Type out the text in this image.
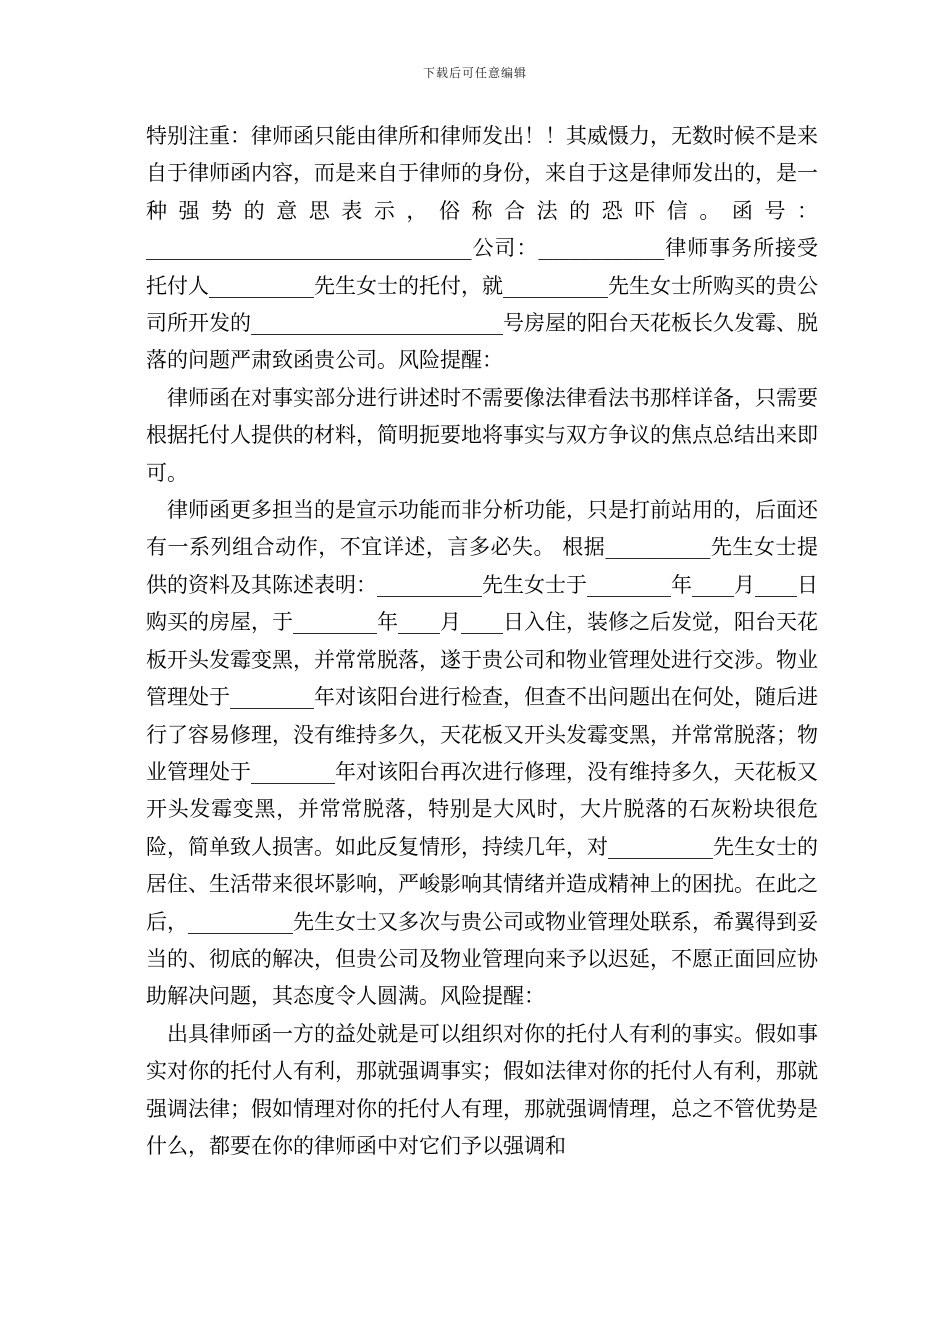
下载后可任意编辑

特别注重：律师函只能由律所和律师发出！！其威慑力，无数时候不是来自于律师函内容，而是来自于律师的身份，来自于这是律师发出的，是一种强势的意思表示，俗称合法的恐吓信。函号：_______________________________公司：____________律师事务所接受托付人__________先生女士的托付，就__________先生女士所购买的贵公司所开发的________________________号房屋的阳台天花板长久发霉、脱落的问题严肃致函贵公司。风险提醒：

律师函在对事实部分进行讲述时不需要像法律看法书那样详备，只需要根据托付人提供的材料，简明扼要地将事实与双方争议的焦点总结出来即可。

律师函更多担当的是宣示功能而非分析功能，只是打前站用的，后面还有一系列组合动作，不宜详述，言多必失。 根据__________先生女士提供的资料及其陈述表明：__________先生女士于________年____月____日购买的房屋，于________年____月____日入住，装修之后发觉，阳台天花板开头发霉变黑，并常常脱落，遂于贵公司和物业管理处进行交涉。物业管理处于________年对该阳台进行检查，但查不出问题出在何处，随后进行了容易修理，没有维持多久，天花板又开头发霉变黑，并常常脱落；物业管理处于________年对该阳台再次进行修理，没有维持多久，天花板又开头发霉变黑，并常常脱落，特别是大风时，大片脱落的石灰粉块很危险，简单致人损害。如此反复情形，持续几年，对__________先生女士的居住、生活带来很坏影响，严峻影响其情绪并造成精神上的困扰。在此之后，__________先生女士又多次与贵公司或物业管理处联系，希翼得到妥当的、彻底的解决，但贵公司及物业管理向来予以迟延，不愿正面回应协助解决问题，其态度令人圆满。风险提醒：

出具律师函一方的益处就是可以组织对你的托付人有利的事实。假如事实对你的托付人有利，那就强调事实；假如法律对你的托付人有利，那就强调法律；假如情理对你的托付人有理，那就强调情理，总之不管优势是什么，都要在你的律师函中对它们予以强调和
